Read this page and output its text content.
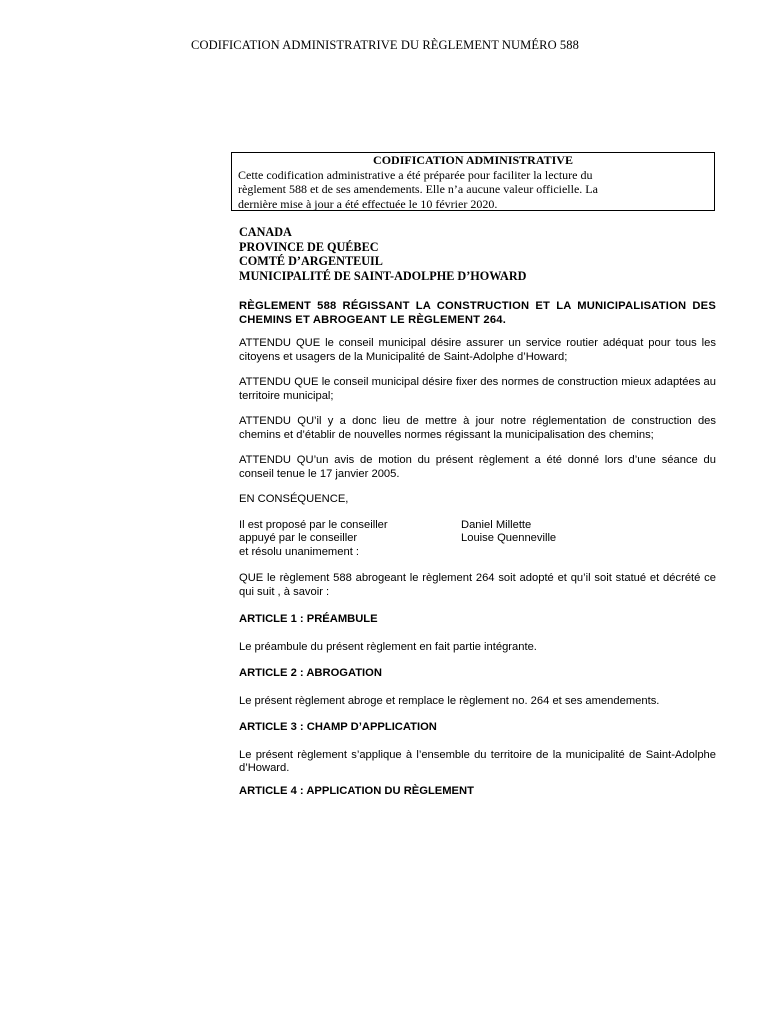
CODIFICATION ADMINISTRATRIVE DU RÈGLEMENT NUMÉRO 588
CODIFICATION ADMINISTRATIVE
Cette codification administrative a été préparée pour faciliter la lecture du
règlement 588 et de ses amendements. Elle n’a aucune valeur officielle. La
dernière mise à jour a été effectuée le 10 février 2020.
CANADA
PROVINCE DE QUÉBEC
COMTÉ D’ARGENTEUIL
MUNICIPALITÉ DE SAINT-ADOLPHE D’HOWARD
RÈGLEMENT 588 RÉGISSANT LA CONSTRUCTION ET LA MUNICIPALISATION DES CHEMINS ET ABROGEANT LE RÈGLEMENT 264.

ATTENDU QUE le conseil municipal désire assurer un service routier adéquat pour tous les citoyens et usagers de la Municipalité de Saint-Adolphe d’Howard;

ATTENDU QUE le conseil municipal désire fixer des normes de construction mieux adaptées au territoire municipal;

ATTENDU QU’il y a donc lieu de mettre à jour notre réglementation de construction des chemins et d’établir de nouvelles normes régissant la municipalisation des chemins;

ATTENDU QU’un avis de motion du présent règlement a été donné lors d’une séance du conseil tenue le 17 janvier 2005.

EN CONSÉQUENCE,

Il est proposé par le conseiller
appuyé par le conseiller
et résolu unanimement :
Daniel Millette
Louise Quenneville

QUE le règlement 588 abrogeant le règlement 264 soit adopté et qu’il soit statué et décrété ce qui suit , à savoir :

ARTICLE 1 : PRÉAMBULE

Le préambule du présent règlement en fait partie intégrante.

ARTICLE 2 : ABROGATION

Le présent règlement abroge et remplace le règlement no. 264 et ses amendements.

ARTICLE 3 : CHAMP D’APPLICATION

Le présent règlement s’applique à l’ensemble du territoire de la municipalité de Saint-Adolphe d’Howard.

ARTICLE 4 : APPLICATION DU RÈGLEMENT
